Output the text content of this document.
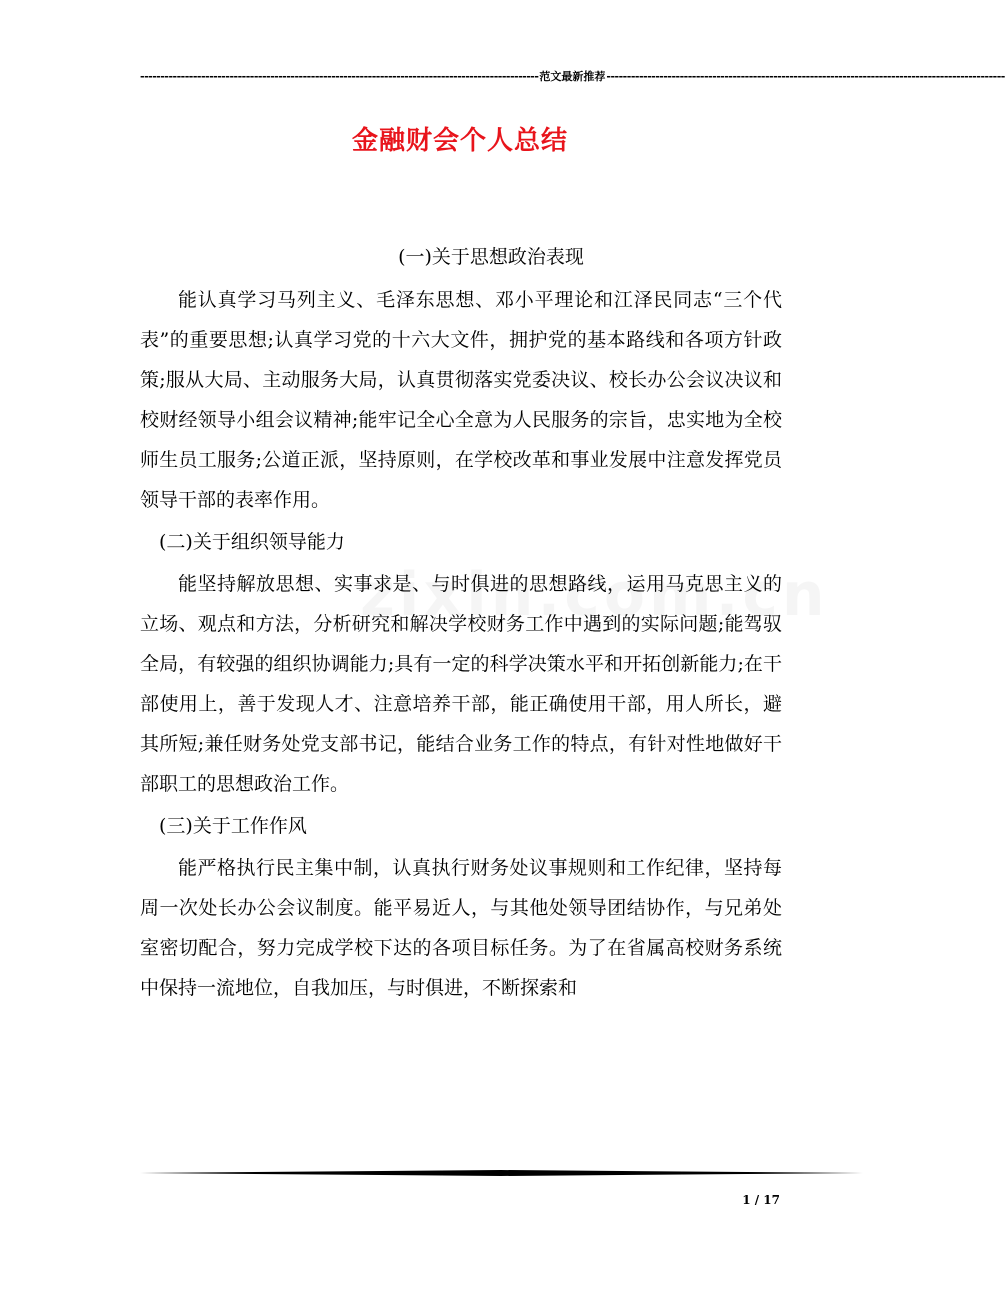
-------------------------------------------------------------------------------------------------- 范文最新推荐 --------------------------------------------------------------------------------------------------
金融财会个人总结
(一)关于思想政治表现

能认真学习马列主义、毛泽东思想、邓小平理论和江泽民同志“三个代表”的重要思想;认真学习党的十六大文件，拥护党的基本路线和各项方针政策;服从大局、主动服务大局，认真贯彻落实党委决议、校长办公会议决议和校财经领导小组会议精神;能牢记全心全意为人民服务的宗旨，忠实地为全校师生员工服务;公道正派，坚持原则，在学校改革和事业发展中注意发挥党员领导干部的表率作用。

(二)关于组织领导能力

能坚持解放思想、实事求是、与时俱进的思想路线，运用马克思主义的立场、观点和方法，分析研究和解决学校财务工作中遇到的实际问题;能驾驭全局，有较强的组织协调能力;具有一定的科学决策水平和开拓创新能力;在干部使用上，善于发现人才、注意培养干部，能正确使用干部，用人所长，避其所短;兼任财务处党支部书记，能结合业务工作的特点，有针对性地做好干部职工的思想政治工作。

(三)关于工作作风

能严格执行民主集中制，认真执行财务处议事规则和工作纪律，坚持每周一次处长办公会议制度。能平易近人，与其他处领导团结协作，与兄弟处室密切配合，努力完成学校下达的各项目标任务。为了在省属高校财务系统中保持一流地位，自我加压，与时俱进，不断探索和

1 / 17
